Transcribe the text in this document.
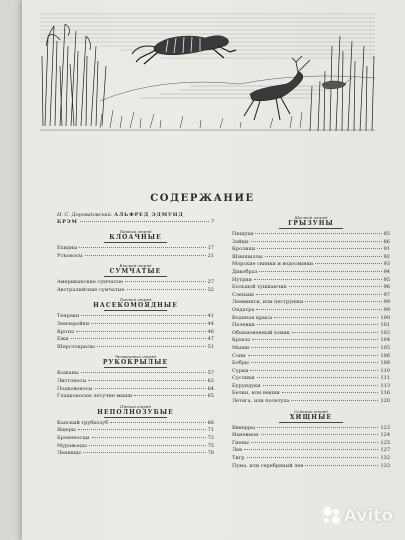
СОДЕРЖАНИЕ
Н. С. Доровatовский.
АЛЬФРЕД ЭДМУНД
БРЭМ	7
Первый отряд
КЛОАЧНЫЕ
Ехидны	17
Утконосы	21
Второй отряд
СУМЧАТЫЕ
Американские сумчатые	27
Австралийские сумчатые	32
Третий отряд
НАСЕКОМОЯДНЫЕ
Тенреки	41
Землеройки	44
Кроты	46
Ежи	47
Шерстокрылы	51
Четвертый отряд
РУКОКРЫЛЫЕ
Кожаны	57
Листоносы	62
Подковоносы	64
Гладконосые летучие мыши	65
Пятый отряд
НЕПОЛНОЗУБЫЕ
Капский трубкозуб	68
Ящеры	71
Броненосцы	72
Муравьеды	75
Ленивцы	78
Шестой отряд
ГРЫЗУНЫ
Пищухи	85
Зайцы	86
Кролики	91
Шиншиллы	92
Морские свинки и водосвинки	93
Дикобраз	94
Нутрии	95
Большой тушканчик	96
Слепыш	97
Лемминги, или пеструшки	99
Ондатра	99
Водяная крыса	100
Полевки	101
Обыкновенный хомяк	102
Крысы	104
Мыши	105
Сони	106
Бобры	108
Сурки	110
Суслики	111
Бурундуки	113
Белки, или векши	116
Летяга, или полетуха	120
Седьмой отряд
ХИЩНЫЕ
Виверры	123
Ихневмон	124
Гиены	125
Лев	127
Тигр	132
Пума, или серебряный лев	133
Avito
